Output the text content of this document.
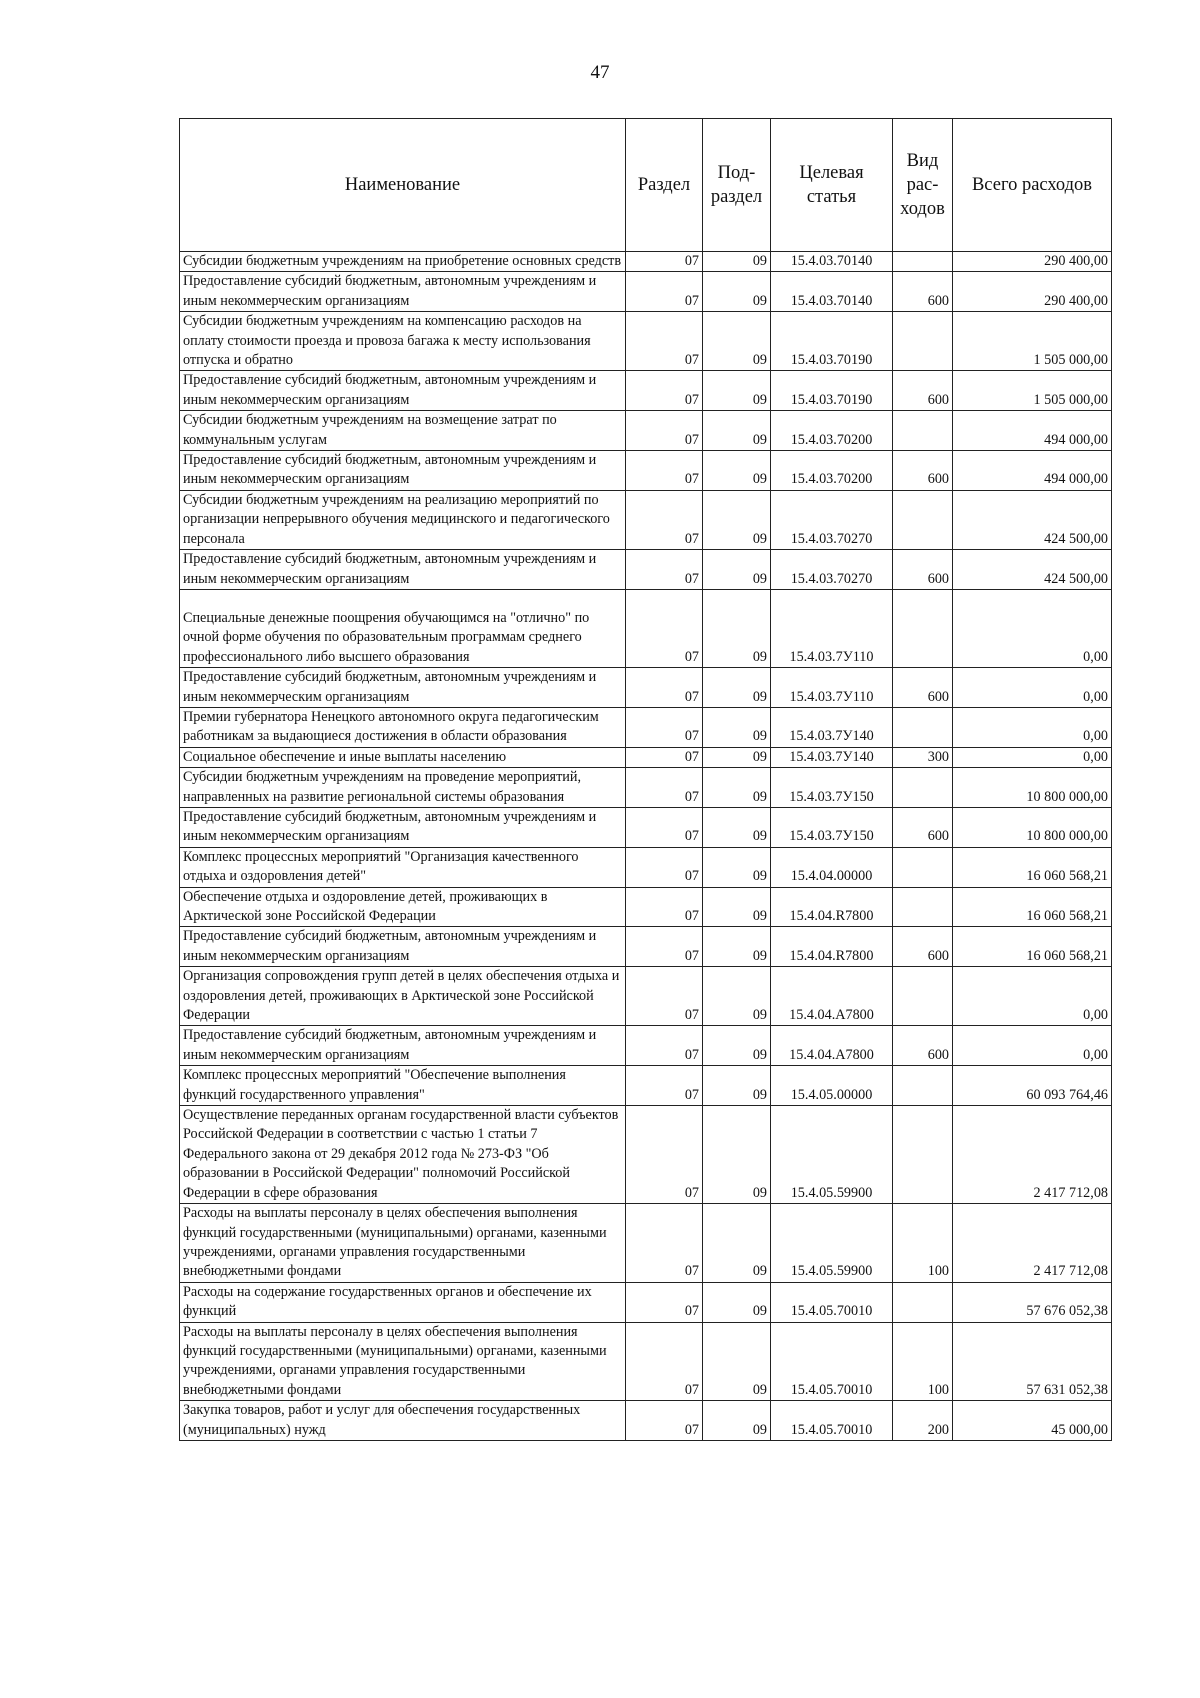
47
Наименование	Раздел	Под-раздел	Целевая статья	Вид рас-ходов	Всего расходов
Субсидии бюджетным учреждениям на приобретение основных средств	07	09	15.4.03.70140		290 400,00
Предоставление субсидий бюджетным, автономным учреждениям и иным некоммерческим организациям	07	09	15.4.03.70140	600	290 400,00
Субсидии бюджетным учреждениям на компенсацию расходов на оплату стоимости проезда и провоза багажа к месту использования отпуска и обратно	07	09	15.4.03.70190		1 505 000,00
Предоставление субсидий бюджетным, автономным учреждениям и иным некоммерческим организациям	07	09	15.4.03.70190	600	1 505 000,00
Субсидии бюджетным учреждениям на возмещение затрат по коммунальным услугам	07	09	15.4.03.70200		494 000,00
Предоставление субсидий бюджетным, автономным учреждениям и иным некоммерческим организациям	07	09	15.4.03.70200	600	494 000,00
Субсидии бюджетным учреждениям на реализацию мероприятий по организации непрерывного обучения медицинского и педагогического персонала	07	09	15.4.03.70270		424 500,00
Предоставление субсидий бюджетным, автономным учреждениям и иным некоммерческим организациям	07	09	15.4.03.70270	600	424 500,00

Специальные денежные поощрения обучающимся на "отлично" по очной форме обучения по образовательным программам среднего профессионального либо высшего образования	07	09	15.4.03.7У110		0,00
Предоставление субсидий бюджетным, автономным учреждениям и иным некоммерческим организациям	07	09	15.4.03.7У110	600	0,00
Премии губернатора Ненецкого автономного округа педагогическим работникам за выдающиеся достижения в области образования	07	09	15.4.03.7У140		0,00
Социальное обеспечение и иные выплаты населению	07	09	15.4.03.7У140	300	0,00
Субсидии бюджетным учреждениям на проведение мероприятий, направленных на развитие региональной системы образования	07	09	15.4.03.7У150		10 800 000,00
Предоставление субсидий бюджетным, автономным учреждениям и иным некоммерческим организациям	07	09	15.4.03.7У150	600	10 800 000,00
Комплекс процессных мероприятий "Организация качественного отдыха и оздоровления детей"	07	09	15.4.04.00000		16 060 568,21
Обеспечение отдыха и оздоровление детей, проживающих в Арктической зоне Российской Федерации	07	09	15.4.04.R7800		16 060 568,21
Предоставление субсидий бюджетным, автономным учреждениям и иным некоммерческим организациям	07	09	15.4.04.R7800	600	16 060 568,21
Организация сопровождения групп детей в целях обеспечения отдыха и оздоровления детей, проживающих в Арктической зоне Российской Федерации	07	09	15.4.04.А7800		0,00
Предоставление субсидий бюджетным, автономным учреждениям и иным некоммерческим организациям	07	09	15.4.04.А7800	600	0,00
Комплекс процессных мероприятий "Обеспечение выполнения функций государственного управления"	07	09	15.4.05.00000		60 093 764,46
Осуществление переданных органам государственной власти субъектов Российской Федерации в соответствии с частью 1 статьи 7 Федерального закона от 29 декабря 2012 года № 273-ФЗ "Об образовании в Российской Федерации" полномочий Российской Федерации в сфере образования	07	09	15.4.05.59900		2 417 712,08
Расходы на выплаты персоналу в целях обеспечения выполнения функций государственными (муниципальными) органами, казенными учреждениями, органами управления государственными внебюджетными фондами	07	09	15.4.05.59900	100	2 417 712,08
Расходы на содержание государственных органов и обеспечение их функций	07	09	15.4.05.70010		57 676 052,38
Расходы на выплаты персоналу в целях обеспечения выполнения функций государственными (муниципальными) органами, казенными учреждениями, органами управления государственными внебюджетными фондами	07	09	15.4.05.70010	100	57 631 052,38
Закупка товаров, работ и услуг для обеспечения государственных (муниципальных) нужд	07	09	15.4.05.70010	200	45 000,00
